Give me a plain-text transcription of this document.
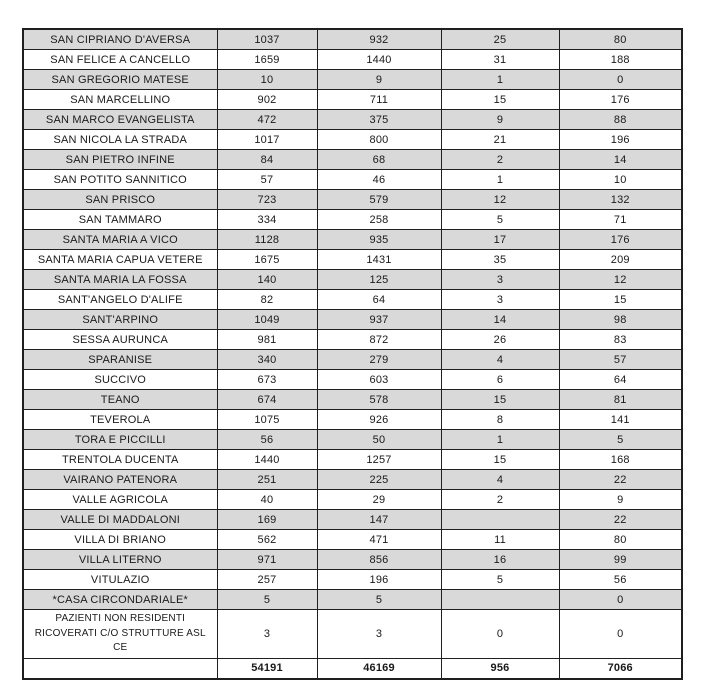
SAN CIPRIANO D'AVERSA	1037	932	25	80
SAN FELICE A CANCELLO	1659	1440	31	188
SAN GREGORIO MATESE	10	9	1	0
SAN MARCELLINO	902	711	15	176
SAN MARCO EVANGELISTA	472	375	9	88
SAN NICOLA LA STRADA	1017	800	21	196
SAN PIETRO INFINE	84	68	2	14
SAN POTITO SANNITICO	57	46	1	10
SAN PRISCO	723	579	12	132
SAN TAMMARO	334	258	5	71
SANTA MARIA A VICO	1128	935	17	176
SANTA MARIA CAPUA VETERE	1675	1431	35	209
SANTA MARIA LA FOSSA	140	125	3	12
SANT'ANGELO D'ALIFE	82	64	3	15
SANT'ARPINO	1049	937	14	98
SESSA AURUNCA	981	872	26	83
SPARANISE	340	279	4	57
SUCCIVO	673	603	6	64
TEANO	674	578	15	81
TEVEROLA	1075	926	8	141
TORA E PICCILLI	56	50	1	5
TRENTOLA DUCENTA	1440	1257	15	168
VAIRANO PATENORA	251	225	4	22
VALLE AGRICOLA	40	29	2	9
VALLE DI MADDALONI	169	147		22
VILLA DI BRIANO	562	471	11	80
VILLA LITERNO	971	856	16	99
VITULAZIO	257	196	5	56
*CASA CIRCONDARIALE*	5	5		0
PAZIENTI NON RESIDENTI RICOVERATI C/O STRUTTURE ASL CE	3	3	0	0
	54191	46169	956	7066
